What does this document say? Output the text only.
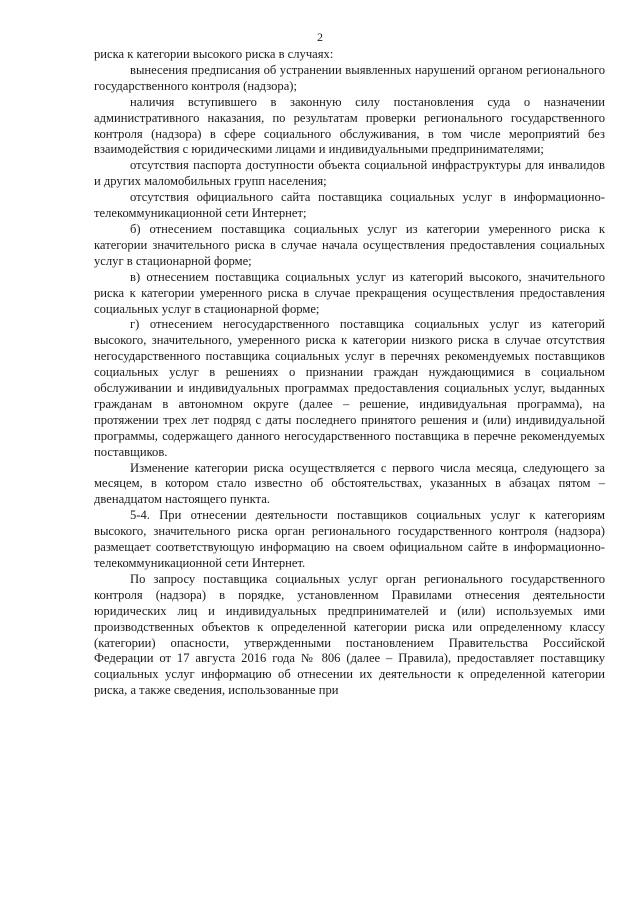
2

риска к категории высокого риска в случаях:

вынесения предписания об устранении выявленных нарушений органом регионального государственного контроля (надзора);

наличия вступившего в законную силу постановления суда о назначении административного наказания, по результатам проверки регионального государственного контроля (надзора) в сфере социального обслуживания, в том числе мероприятий без взаимодействия с юридическими лицами и индивидуальными предпринимателями;

отсутствия паспорта доступности объекта социальной инфраструктуры для инвалидов и других маломобильных групп населения;

отсутствия официального сайта поставщика социальных услуг в информационно-телекоммуникационной сети Интернет;

б) отнесением поставщика социальных услуг из категории умеренного риска к категории значительного риска в случае начала осуществления предоставления социальных услуг в стационарной форме;

в) отнесением поставщика социальных услуг из категорий высокого, значительного риска к категории умеренного риска в случае прекращения осуществления предоставления социальных услуг в стационарной форме;

г) отнесением негосударственного поставщика социальных услуг из категорий высокого, значительного, умеренного риска к категории низкого риска в случае отсутствия негосударственного поставщика социальных услуг в перечнях рекомендуемых поставщиков социальных услуг в решениях о признании граждан нуждающимися в социальном обслуживании и индивидуальных программах предоставления социальных услуг, выданных гражданам в автономном округе (далее – решение, индивидуальная программа), на протяжении трех лет подряд с даты последнего принятого решения и (или) индивидуальной программы, содержащего данного негосударственного поставщика в перечне рекомендуемых поставщиков.

Изменение категории риска осуществляется с первого числа месяца, следующего за месяцем, в котором стало известно об обстоятельствах, указанных в абзацах пятом – двенадцатом настоящего пункта.

5-4. При отнесении деятельности поставщиков социальных услуг к категориям высокого, значительного риска орган регионального государственного контроля (надзора) размещает соответствующую информацию на своем официальном сайте в информационно-телекоммуникационной сети Интернет.

По запросу поставщика социальных услуг орган регионального государственного контроля (надзора) в порядке, установленном Правилами отнесения деятельности юридических лиц и индивидуальных предпринимателей и (или) используемых ими производственных объектов к определенной категории риска или определенному классу (категории) опасности, утвержденными постановлением Правительства Российской Федерации от 17 августа 2016 года № 806 (далее – Правила), предоставляет поставщику социальных услуг информацию об отнесении их деятельности к определенной категории риска, а также сведения, использованные при
